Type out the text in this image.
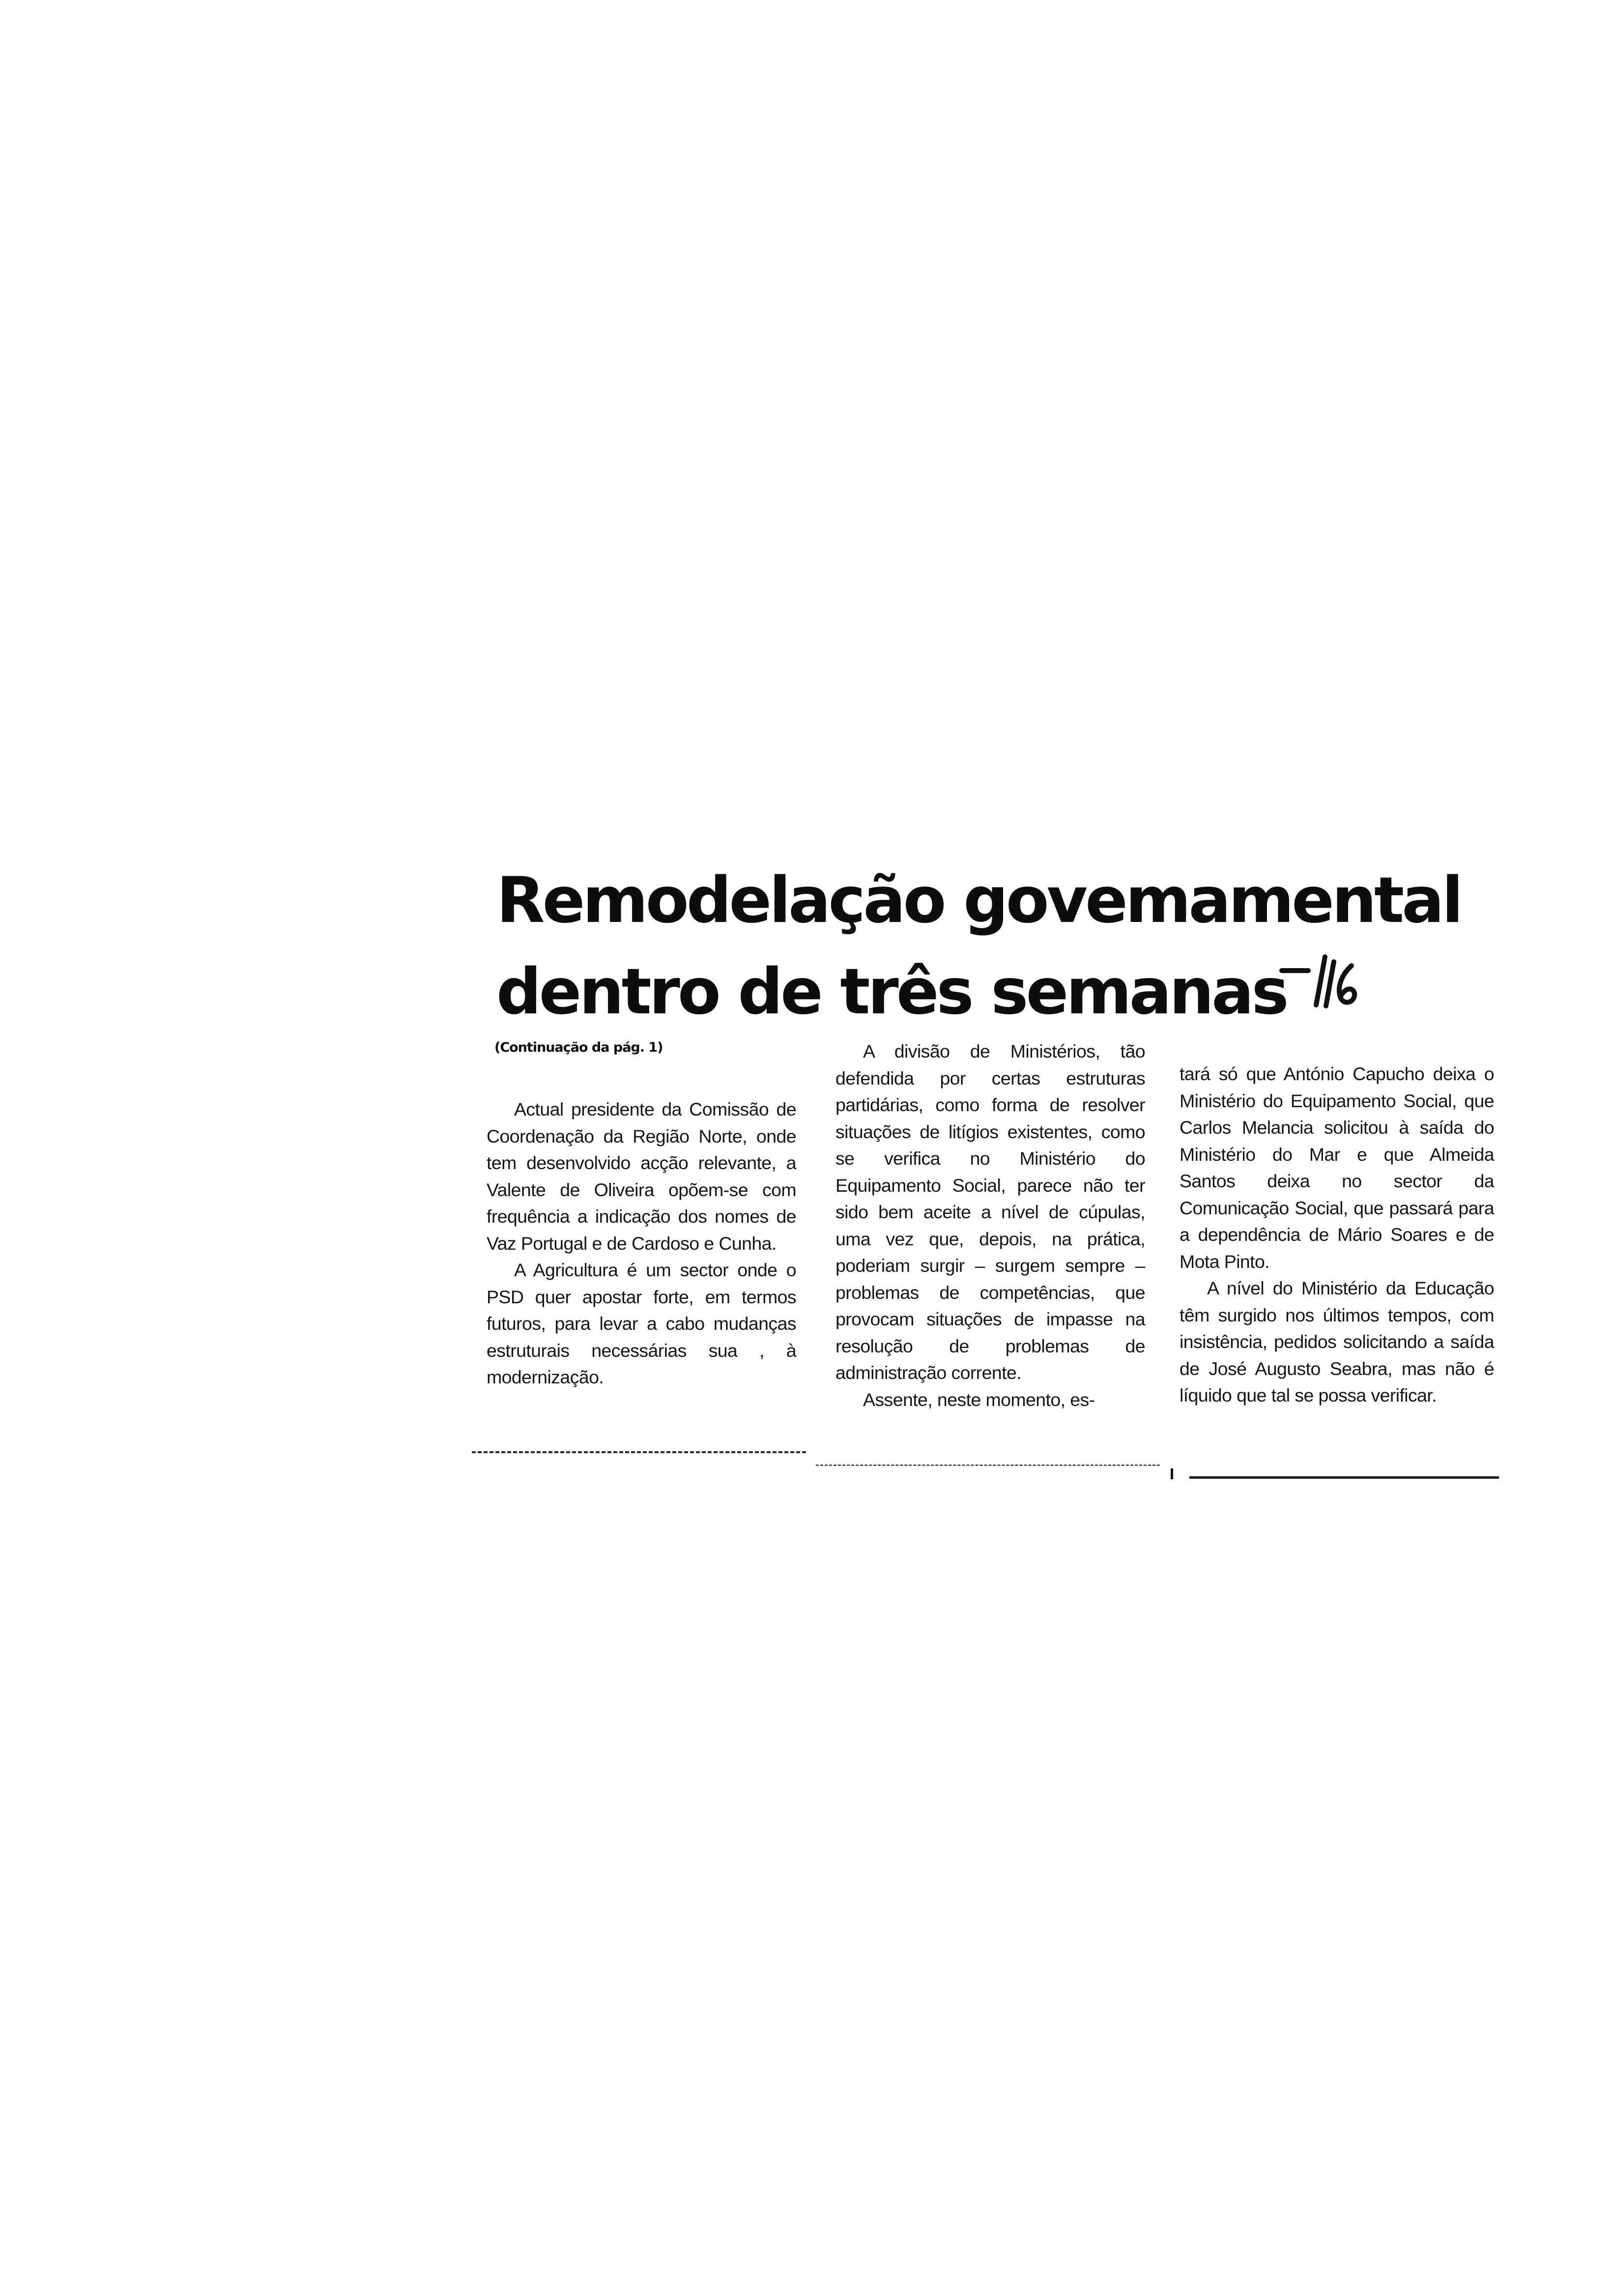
Remodelação govemamental
dentro de três semanas
(Continuação da pág. 1)

Actual presidente da Comissão de Coordenação da Região Norte, onde tem desenvolvido acção relevante, a Valente de Oliveira opõem-se com frequência a indicação dos nomes de Vaz Portugal e de Cardoso e Cunha.

A Agricultura é um sector onde o PSD quer apostar forte, em termos futuros, para levar a cabo mudanças estruturais necessárias sua , à modernização.

A divisão de Ministérios, tão defendida por certas estruturas partidárias, como forma de resolver situações de litígios existentes, como se verifica no Ministério do Equipamento Social, parece não ter sido bem aceite a nível de cúpulas, uma vez que, depois, na prática, poderiam surgir – surgem sempre – problemas de competências, que provocam situações de impasse na resolução de problemas de administração corrente.

Assente, neste momento, es-

tará só que António Capucho deixa o Ministério do Equipamento Social, que Carlos Melancia solicitou à saída do Ministério do Mar e que Almeida Santos deixa no sector da Comunicação Social, que passará para a dependência de Mário Soares e de Mota Pinto.

A nível do Ministério da Educação têm surgido nos últimos tempos, com insistência, pedidos solicitando a saída de José Augusto Seabra, mas não é líquido que tal se possa verificar.
